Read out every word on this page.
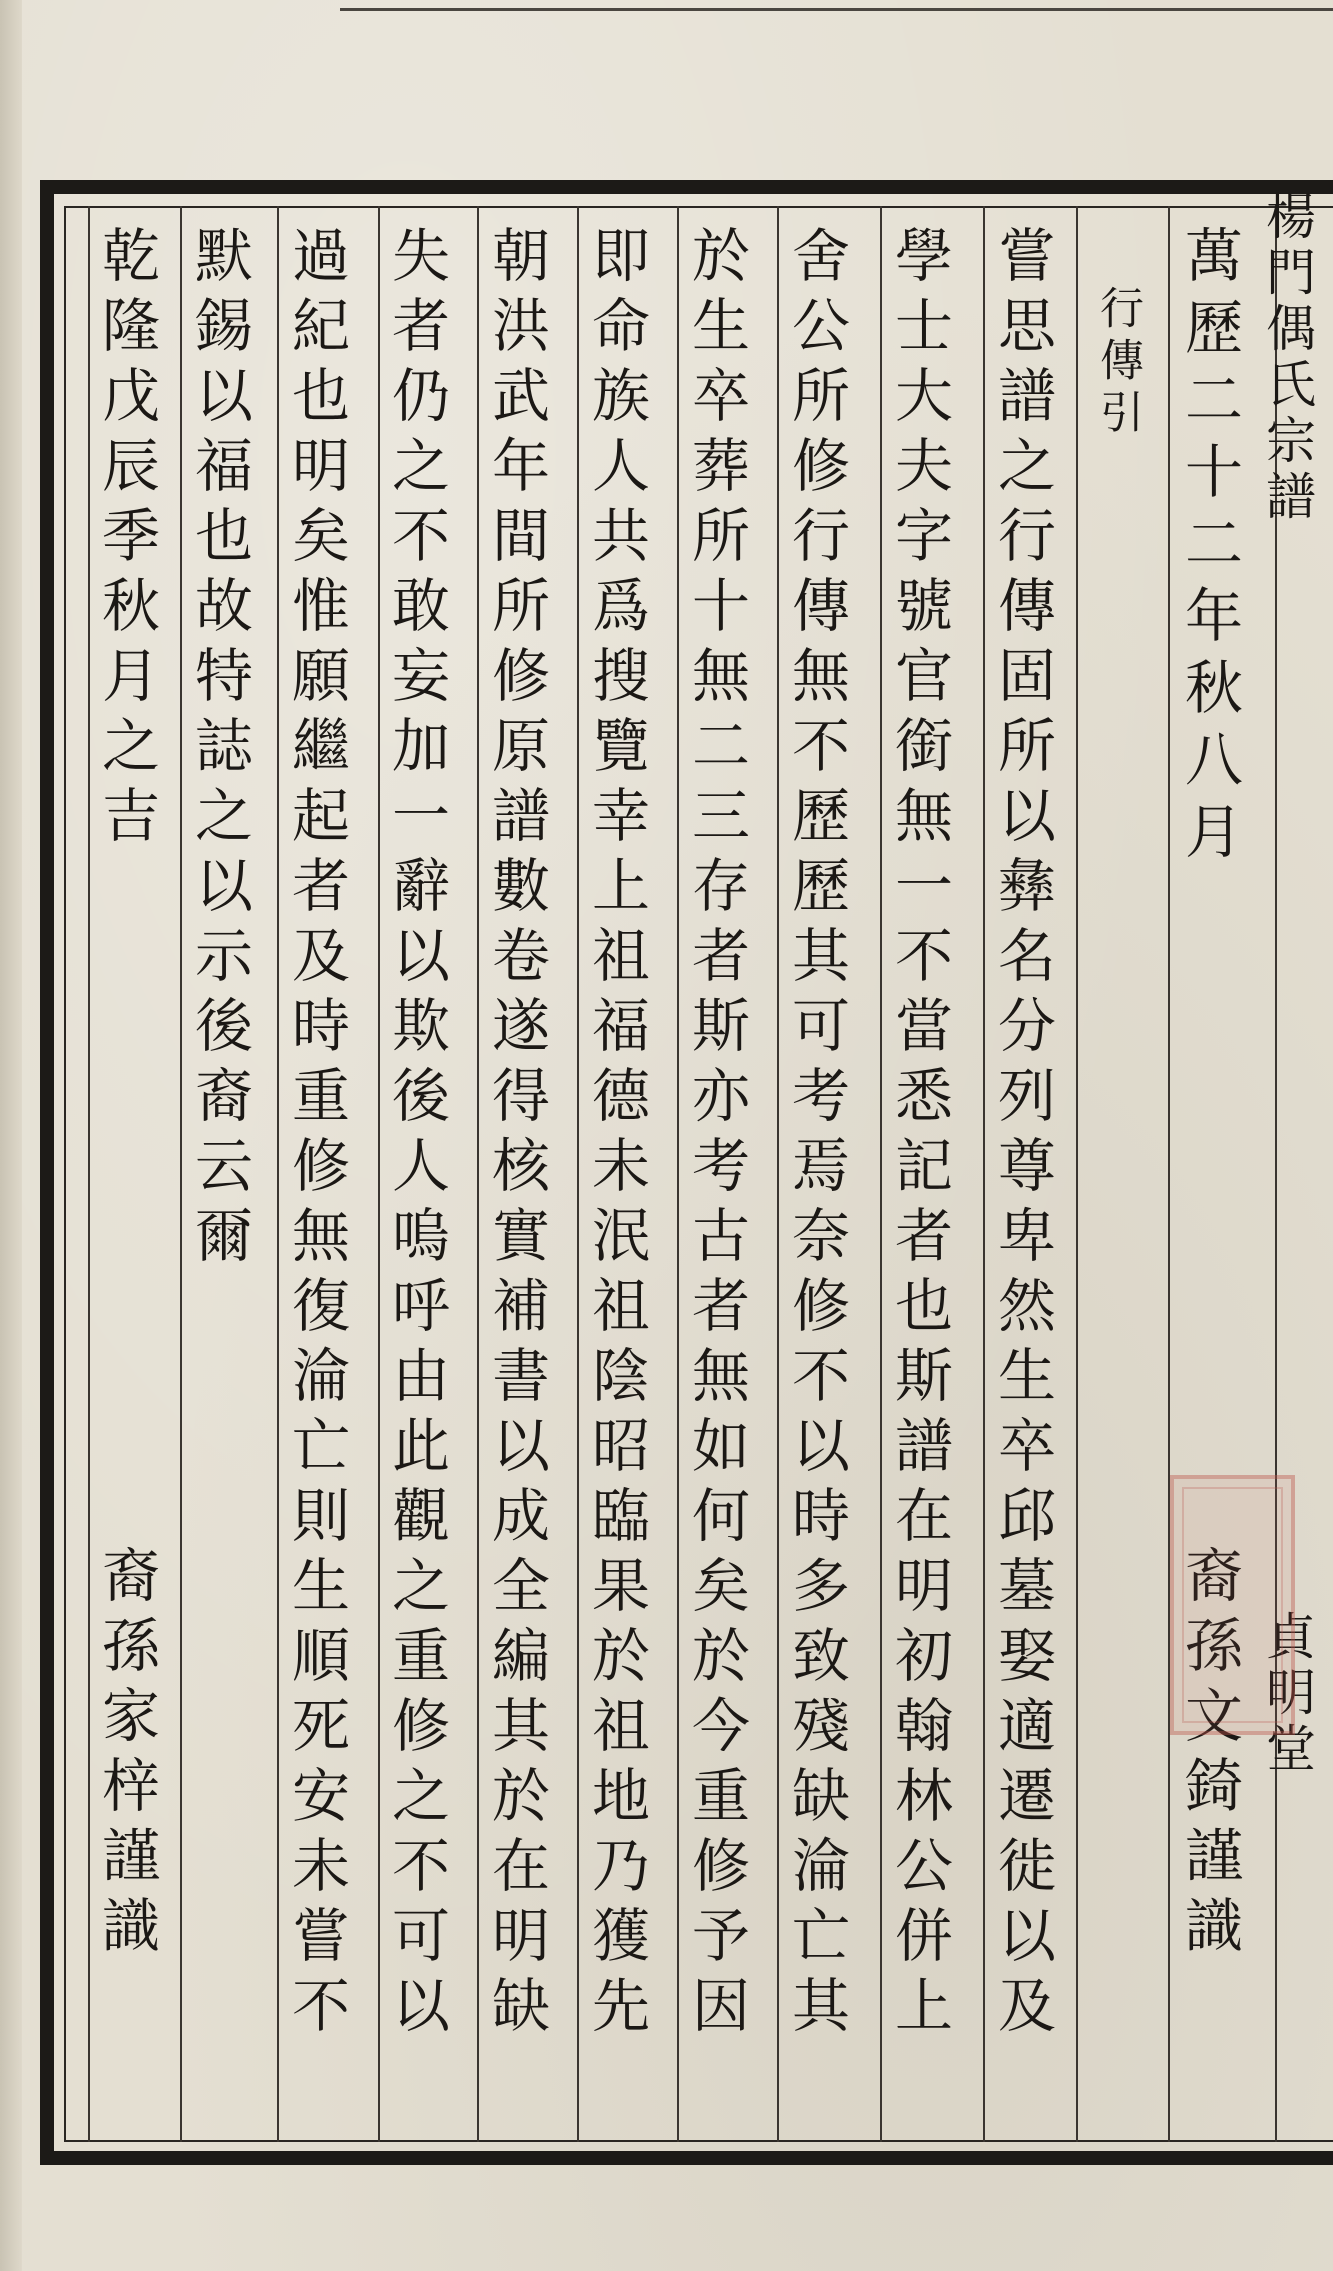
楊門偶氏宗譜
貞明堂
萬歷二十二年秋八月
裔孫文錡謹識
行傳引
嘗思譜之行傳固所以彝名分列尊卑然生卒邱墓娶適遷徙以及
學士大夫字號官銜無一不當悉記者也斯譜在明初翰林公併上
舍公所修行傳無不歷歷其可考焉奈修不以時多致殘缺淪亡其
於生卒葬所十無二三存者斯亦考古者無如何矣於今重修予因
即命族人共爲搜覽幸上祖福德未泯祖陰昭臨果於祖地乃獲先
朝洪武年間所修原譜數卷遂得核實補書以成全編其於在明缺
失者仍之不敢妄加一辭以欺後人嗚呼由此觀之重修之不可以
過紀也明矣惟願繼起者及時重修無復淪亡則生順死安未嘗不
默錫以福也故特誌之以示後裔云爾
乾隆戊辰季秋月之吉
裔孫家梓謹識
